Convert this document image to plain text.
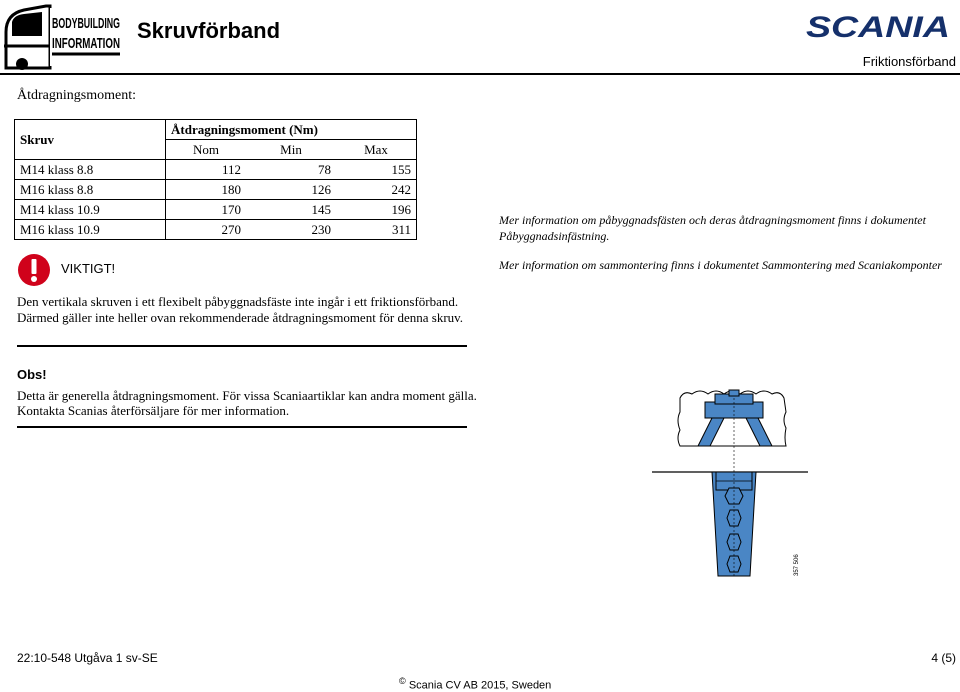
BODYBUILDING
INFORMATION
Skruvförband	SCANIA
Friktionsförband
Åtdragningsmoment:
Skruv	Åtdragningsmoment (Nm)		
	Nom	Min	Max
M14 klass 8.8	112	78	155
M16 klass 8.8	180	126	242
M14 klass 10.9	170	145	196
M16 klass 10.9	270	230	311
VIKTIGT!
Den vertikala skruven i ett flexibelt påbyggnadsfäste inte ingår i ett friktionsförband. Därmed gäller inte heller ovan rekommenderade åtdragningsmoment för denna skruv.
Obs!
Detta är generella åtdragningsmoment. För vissa Scaniaartiklar kan andra moment gälla. Kontakta Scanias återförsäljare för mer information.
Mer information om påbyggnadsfästen och deras åtdragningsmoment finns i dokumentet Påbyggnadsinfästning.
Mer information om sammontering finns i dokumentet Sammontering med Scaniakomponter
357 506
22:10-548 Utgåva 1 sv-SE	4 (5)
© Scania CV AB 2015, Sweden
